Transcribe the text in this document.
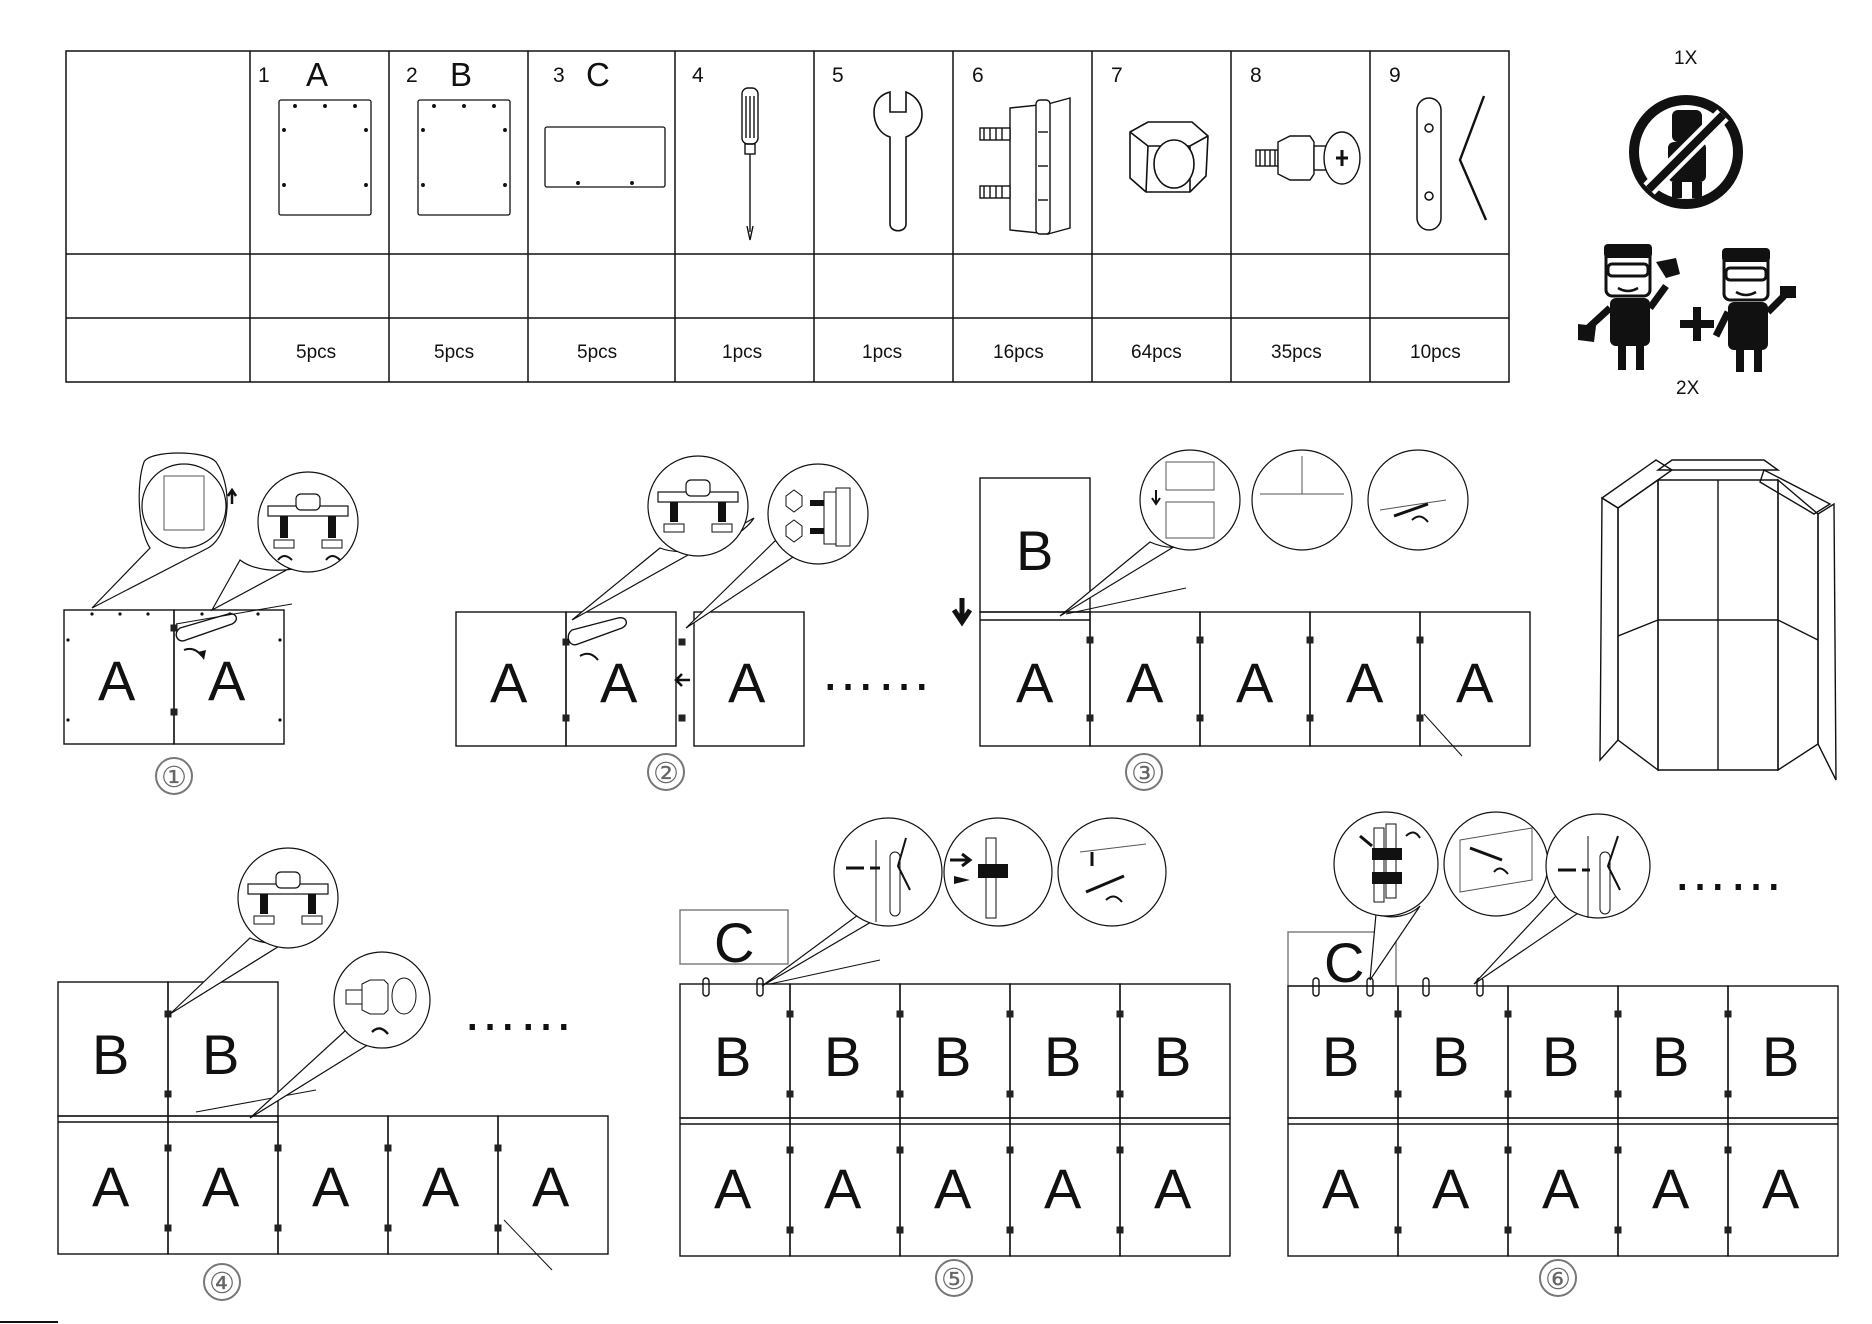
1 A
5pcs
2 B
5pcs
3 C
5pcs
4
1pcs
5
1pcs
6
16pcs
7
64pcs
8
35pcs
9
10pcs
1X
2X
A A
①
A A A ……
②
B
A A A A A
③
B B
A A A A A
……
④
C
B B B B B
A A A A A
⑤
C
B B B B B
A A A A A
……
⑥
